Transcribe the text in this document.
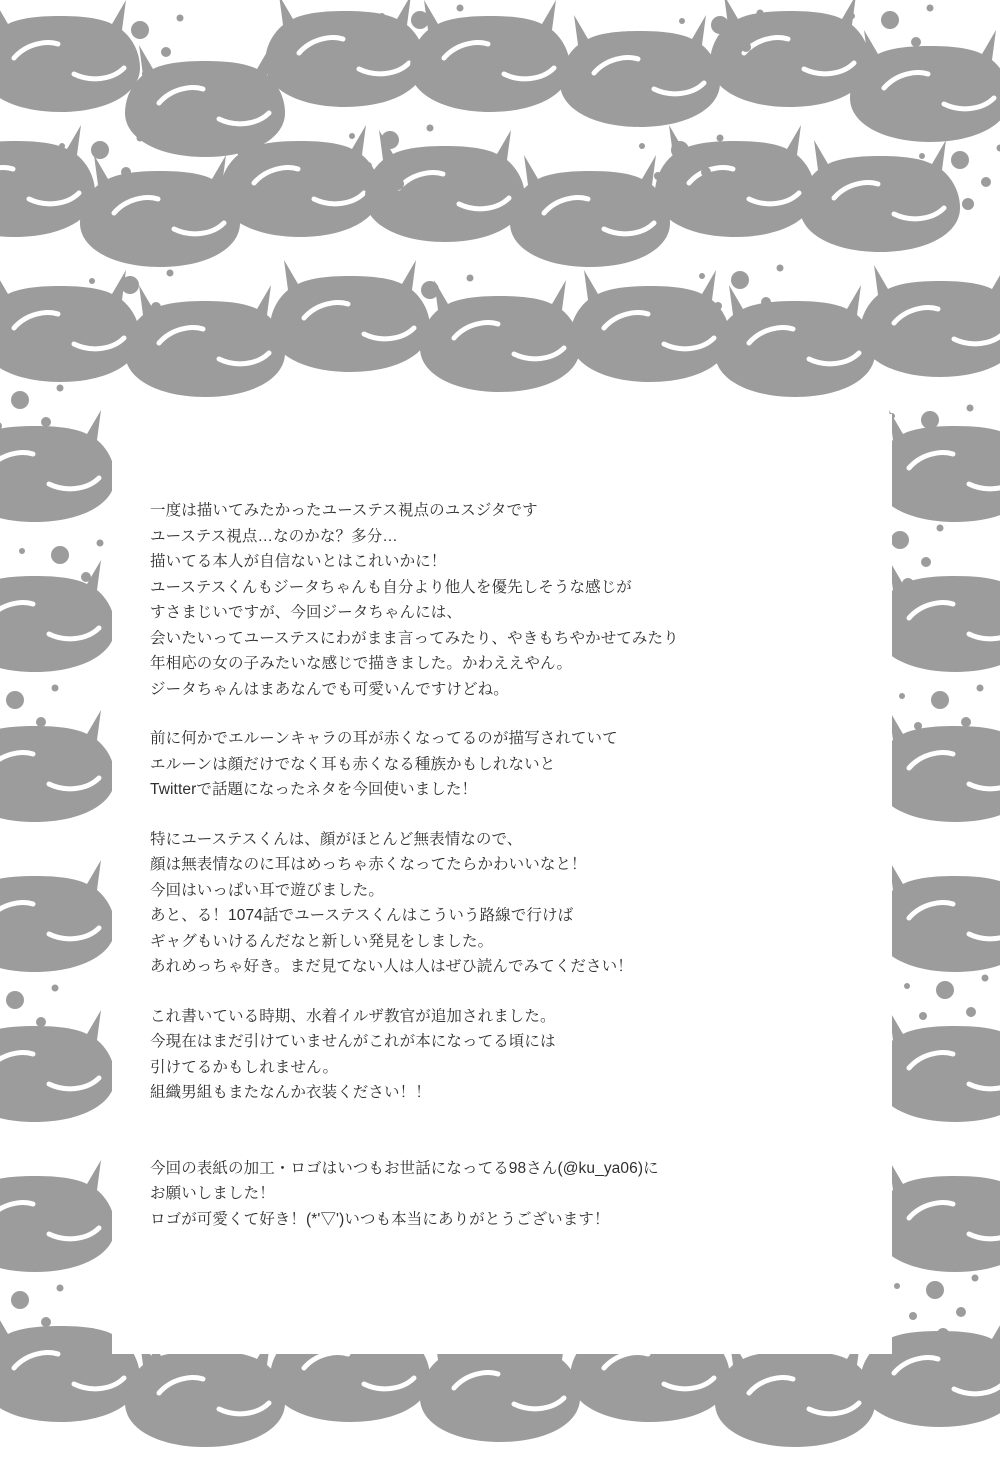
一度は描いてみたかったユーステス視点のユスジタです
ユーステス視点…なのかな？多分…
描いてる本人が自信ないとはこれいかに！
ユーステスくんもジータちゃんも自分より他人を優先しそうな感じが
すさまじいですが、今回ジータちゃんには、
会いたいってユーステスにわがまま言ってみたり、やきもちやかせてみたり
年相応の女の子みたいな感じで描きました。かわええやん。
ジータちゃんはまあなんでも可愛いんですけどね。

前に何かでエルーンキャラの耳が赤くなってるのが描写されていて
エルーンは顔だけでなく耳も赤くなる種族かもしれないと
Twitterで話題になったネタを今回使いました！

特にユーステスくんは、顔がほとんど無表情なので、
顔は無表情なのに耳はめっちゃ赤くなってたらかわいいなと！
今回はいっぱい耳で遊びました。
あと、る！1074話でユーステスくんはこういう路線で行けば
ギャグもいけるんだなと新しい発見をしました。
あれめっちゃ好き。まだ見てない人は人はぜひ読んでみてください！

これ書いている時期、水着イルザ教官が追加されました。
今現在はまだ引けていませんがこれが本になってる頃には
引けてるかもしれません。
組織男組もまたなんか衣装ください！！

今回の表紙の加工・ロゴはいつもお世話になってる98さん(@ku_ya06)に
お願いしました！
ロゴが可愛くて好き！(*'▽')いつも本当にありがとうございます！
